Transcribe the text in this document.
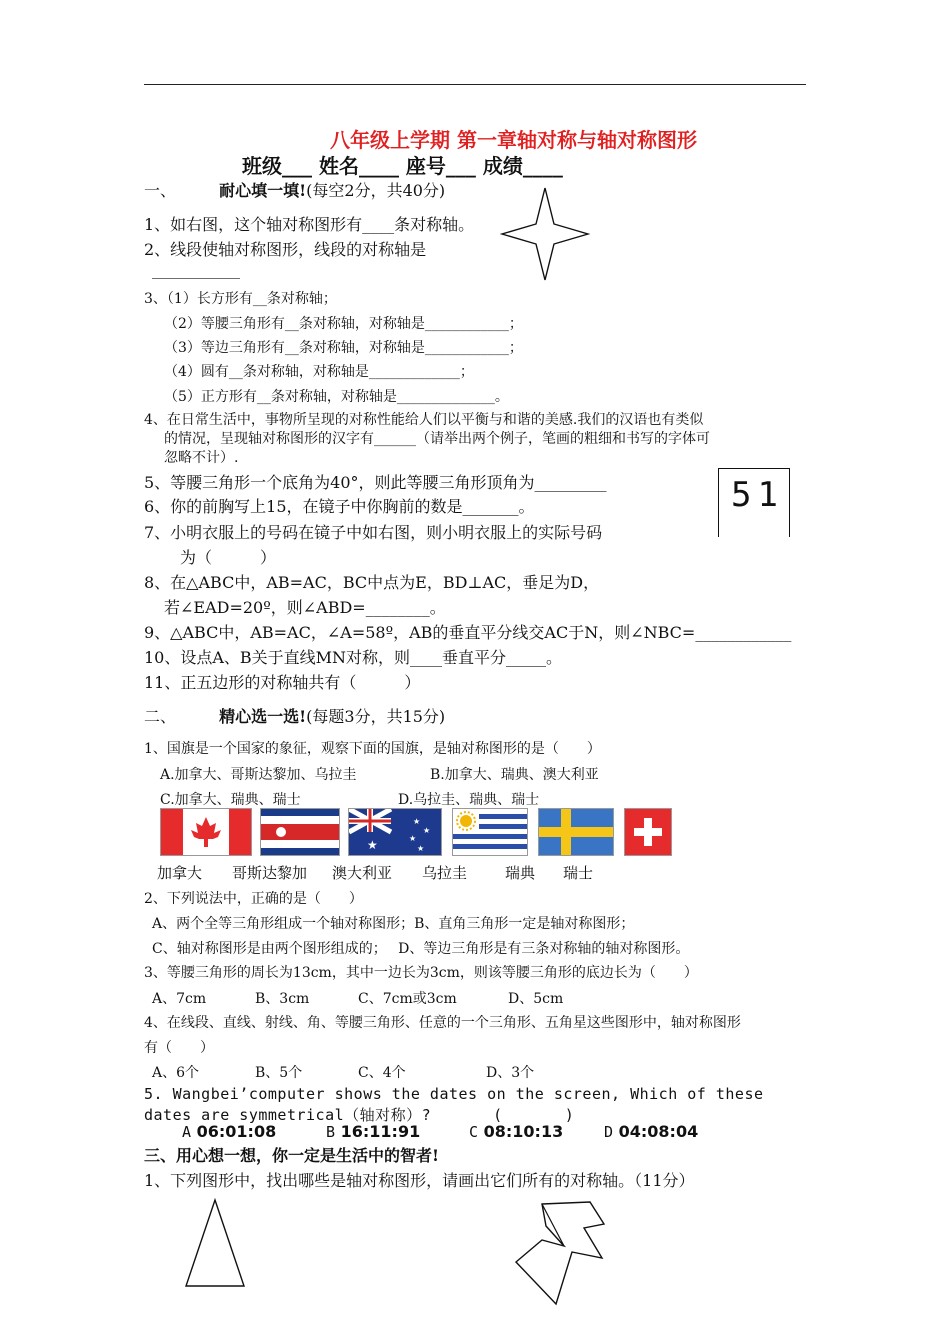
八年级上学期 第一章轴对称与轴对称图形
班级___ 姓名____ 座号___ 成绩____
一、	耐心填一填!(每空2分，共40分)
1、如右图，这个轴对称图形有____条对称轴。
2、线段使轴对称图形，线段的对称轴是
___________
3、（1）长方形有__条对称轴；
（2）等腰三角形有__条对称轴，对称轴是____________；
（3）等边三角形有__条对称轴，对称轴是____________；
（4）圆有__条对称轴，对称轴是_____________；
（5）正方形有__条对称轴，对称轴是______________。
4、在日常生活中，事物所呈现的对称性能给人们以平衡与和谐的美感.我们的汉语也有类似
的情况，呈现轴对称图形的汉字有______（请举出两个例子，笔画的粗细和书写的字体可
忽略不计）.
5、等腰三角形一个底角为40°，则此等腰三角形顶角为_________
6、你的前胸写上15，在镜子中你胸前的数是_______。
7、小明衣服上的号码在镜子中如右图，则小明衣服上的实际号码
为（　　　）
51
8、在△ABC中，AB=AC，BC中点为E，BD⊥AC，垂足为D，
若∠EAD=20º，则∠ABD=________。
9、△ABC中，AB=AC，∠A=58º，AB的垂直平分线交AC于N，则∠NBC=____________
10、设点A、B关于直线MN对称，则____垂直平分_____。
11、正五边形的对称轴共有（　　　）
二、	精心选一选!(每题3分，共15分)
1、国旗是一个国家的象征，观察下面的国旗，是轴对称图形的是（　　）
A.加拿大、哥斯达黎加、乌拉圭	B.加拿大、瑞典、澳大利亚
C.加拿大、瑞典、瑞士	D.乌拉圭、瑞典、瑞士
★
★
★
★
★
加拿大 哥斯达黎加 澳大利亚 乌拉圭	瑞典 瑞士
2、下列说法中，正确的是（　　）
A、两个全等三角形组成一个轴对称图形；B、直角三角形一定是轴对称图形；
C、轴对称图形是由两个图形组成的；　 D、等边三角形是有三条对称轴的轴对称图形。
3、等腰三角形的周长为13cm，其中一边长为3cm，则该等腰三角形的底边长为（　　）
A、7cm	B、3cm	C、7cm或3cm	D、5cm
4、在线段、直线、射线、角、等腰三角形、任意的一个三角形、五角星这些图形中，轴对称图形
有（　　）
A、6个	B、5个	C、4个	D、3个
5. Wangbei’computer shows the dates on the screen, Which of these
dates are symmetrical（轴对称）?　　　　(　　　　)
A 06:01:08	B 16:11:91	C 08:10:13	D 04:08:04
三、用心想一想，你一定是生活中的智者!
1、下列图形中，找出哪些是轴对称图形，请画出它们所有的对称轴。（11分）
